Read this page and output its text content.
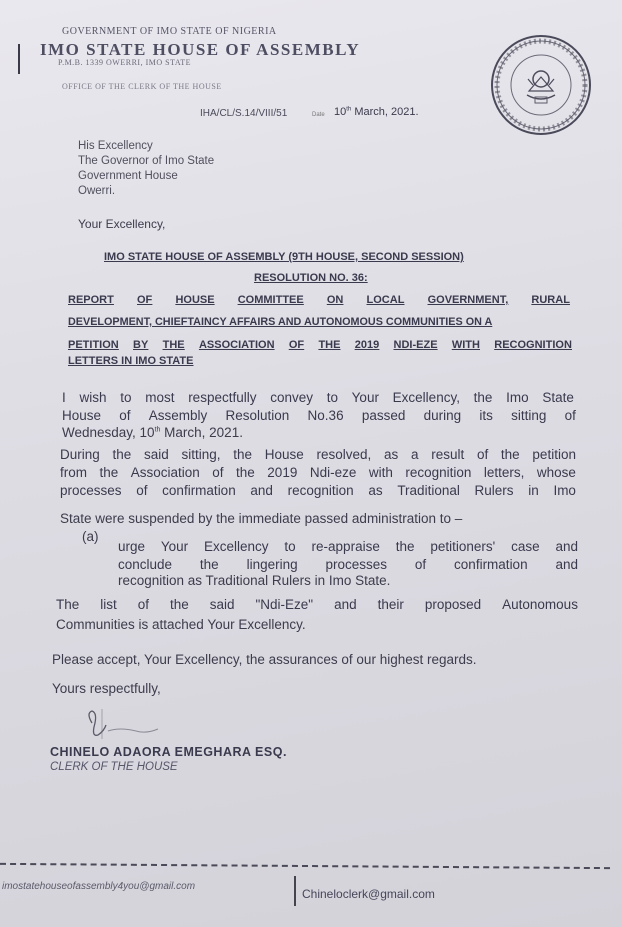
GOVERNMENT OF IMO STATE OF NIGERIA
IMO STATE HOUSE OF ASSEMBLY
P.M.B. 1339 OWERRI, IMO STATE
OFFICE OF THE CLERK OF THE HOUSE
IHA/CL/S.14/VIII/51	Date 10th March, 2021.
His Excellency
The Governor of Imo State
Government House
Owerri.
Your Excellency,
IMO STATE HOUSE OF ASSEMBLY (9TH HOUSE, SECOND SESSION)
RESOLUTION NO. 36:
REPORT OF HOUSE COMMITTEE ON LOCAL GOVERNMENT, RURAL
DEVELOPMENT, CHIEFTAINCY AFFAIRS AND AUTONOMOUS COMMUNITIES ON A
PETITION BY THE ASSOCIATION OF THE 2019 NDI-EZE WITH RECOGNITION
LETTERS IN IMO STATE
I wish to most respectfully convey to Your Excellency, the Imo State
House of Assembly Resolution No.36 passed during its sitting of
Wednesday, 10th March, 2021.
During the said sitting, the House resolved, as a result of the petition
from the Association of the 2019 Ndi-eze with recognition letters, whose
processes of confirmation and recognition as Traditional Rulers in Imo
State were suspended by the immediate passed administration to –
(a)
urge Your Excellency to re-appraise the petitioners' case and
conclude the lingering processes of confirmation and
recognition as Traditional Rulers in Imo State.
The list of the said "Ndi-Eze" and their proposed Autonomous
Communities is attached Your Excellency.
Please accept, Your Excellency, the assurances of our highest regards.
Yours respectfully,
CHINELO ADAORA EMEGHARA ESQ.
CLERK OF THE HOUSE
imostatehouseofassembly4you@gmail.com
Chineloclerk@gmail.com
